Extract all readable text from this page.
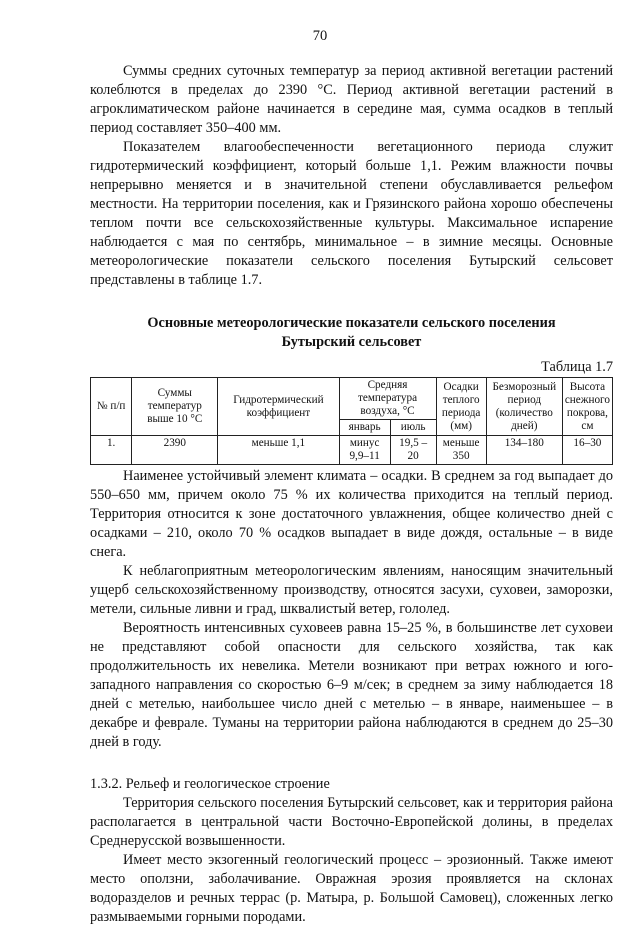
70

Суммы средних суточных температур за период активной вегетации растений колеблются в пределах до 2390 °С. Период активной вегетации растений в агроклиматическом районе начинается в середине мая, сумма осадков в теплый период составляет 350–400 мм.

Показателем влагообеспеченности вегетационного периода служит гидротермический коэффициент, который больше 1,1. Режим влажности почвы непрерывно меняется и в значительной степени обуславливается рельефом местности. На территории поселения, как и Грязинского района хорошо обеспечены теплом почти все сельскохозяйственные культуры. Максимальное испарение наблюдается с мая по сентябрь, минимальное – в зимние месяцы. Основные метеорологические показатели сельского поселения Бутырский сельсовет представлены в таблице 1.7.

Основные метеорологические показатели сельского поселения
Бутырский сельсовет
Таблица 1.7
№ п/п	Суммы температур выше 10 °С	Гидротермический коэффициент	Средняя температура воздуха, °С		Осадки теплого периода (мм)	Безморозный период (количество дней)	Высота снежного покрова, см
			январь	июль			
1.	2390	меньше 1,1	минус 9,9–11	19,5 – 20	меньше 350	134–180	16–30

Наименее устойчивый элемент климата – осадки. В среднем за год выпадает до 550–650 мм, причем около 75 % их количества приходится на теплый период. Территория относится к зоне достаточного увлажнения, общее количество дней с осадками – 210, около 70 % осадков выпадает в виде дождя, остальные – в виде снега.

К неблагоприятным метеорологическим явлениям, наносящим значительный ущерб сельскохозяйственному производству, относятся засухи, суховеи, заморозки, метели, сильные ливни и град, шквалистый ветер, гололед.

Вероятность интенсивных суховеев равна 15–25 %, в большинстве лет суховеи не представляют собой опасности для сельского хозяйства, так как продолжительность их невелика. Метели возникают при ветрах южного и юго-западного направления со скоростью 6–9 м/сек; в среднем за зиму наблюдается 18 дней с метелью, наибольшее число дней с метелью – в январе, наименьшее – в декабре и феврале. Туманы на территории района наблюдаются в среднем до 25–30 дней в году.

1.3.2. Рельеф и геологическое строение

Территория сельского поселения Бутырский сельсовет, как и территория района располагается в центральной части Восточно-Европейской долины, в пределах Среднерусской возвышенности.

Имеет место экзогенный геологический процесс – эрозионный. Также имеют место оползни, заболачивание. Овражная эрозия проявляется на склонах водоразделов и речных террас (р. Матыра, р. Большой Самовец), сложенных легко размываемыми горными породами.
